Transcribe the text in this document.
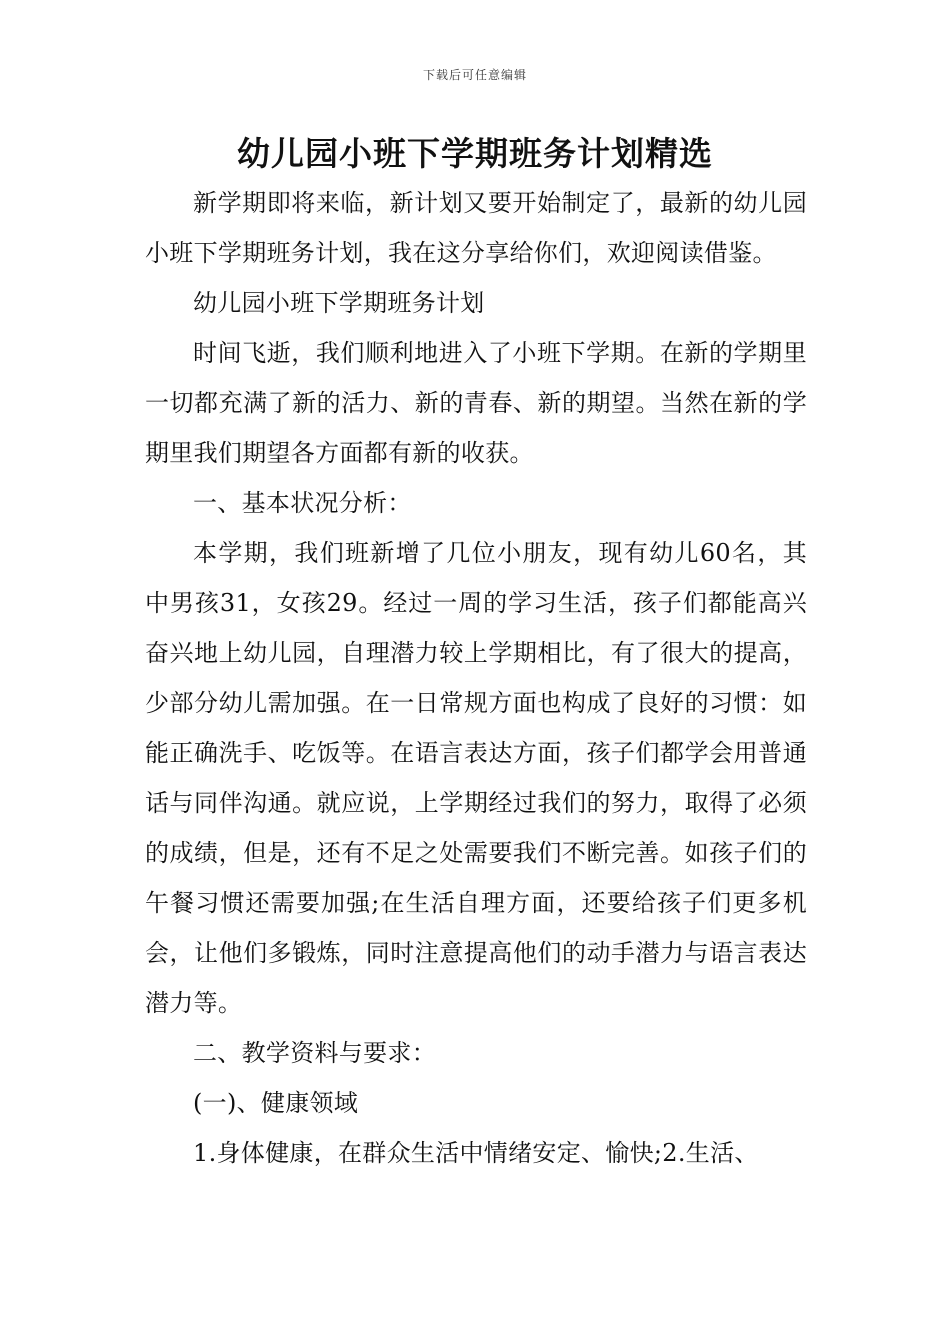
下载后可任意编辑
幼儿园小班下学期班务计划精选

新学期即将来临，新计划又要开始制定了，最新的幼儿园小班下学期班务计划，我在这分享给你们，欢迎阅读借鉴。

幼儿园小班下学期班务计划

时间飞逝，我们顺利地进入了小班下学期。在新的学期里一切都充满了新的活力、新的青春、新的期望。当然在新的学期里我们期望各方面都有新的收获。

一、基本状况分析：

本学期，我们班新增了几位小朋友，现有幼儿60名，其中男孩31，女孩29。经过一周的学习生活，孩子们都能高兴奋兴地上幼儿园，自理潜力较上学期相比，有了很大的提高，少部分幼儿需加强。在一日常规方面也构成了良好的习惯：如能正确洗手、吃饭等。在语言表达方面，孩子们都学会用普通话与同伴沟通。就应说，上学期经过我们的努力，取得了必须的成绩，但是，还有不足之处需要我们不断完善。如孩子们的午餐习惯还需要加强;在生活自理方面，还要给孩子们更多机会，让他们多锻炼，同时注意提高他们的动手潜力与语言表达潜力等。

二、教学资料与要求：

(一)、健康领域

1.身体健康，在群众生活中情绪安定、愉快;2.生活、
